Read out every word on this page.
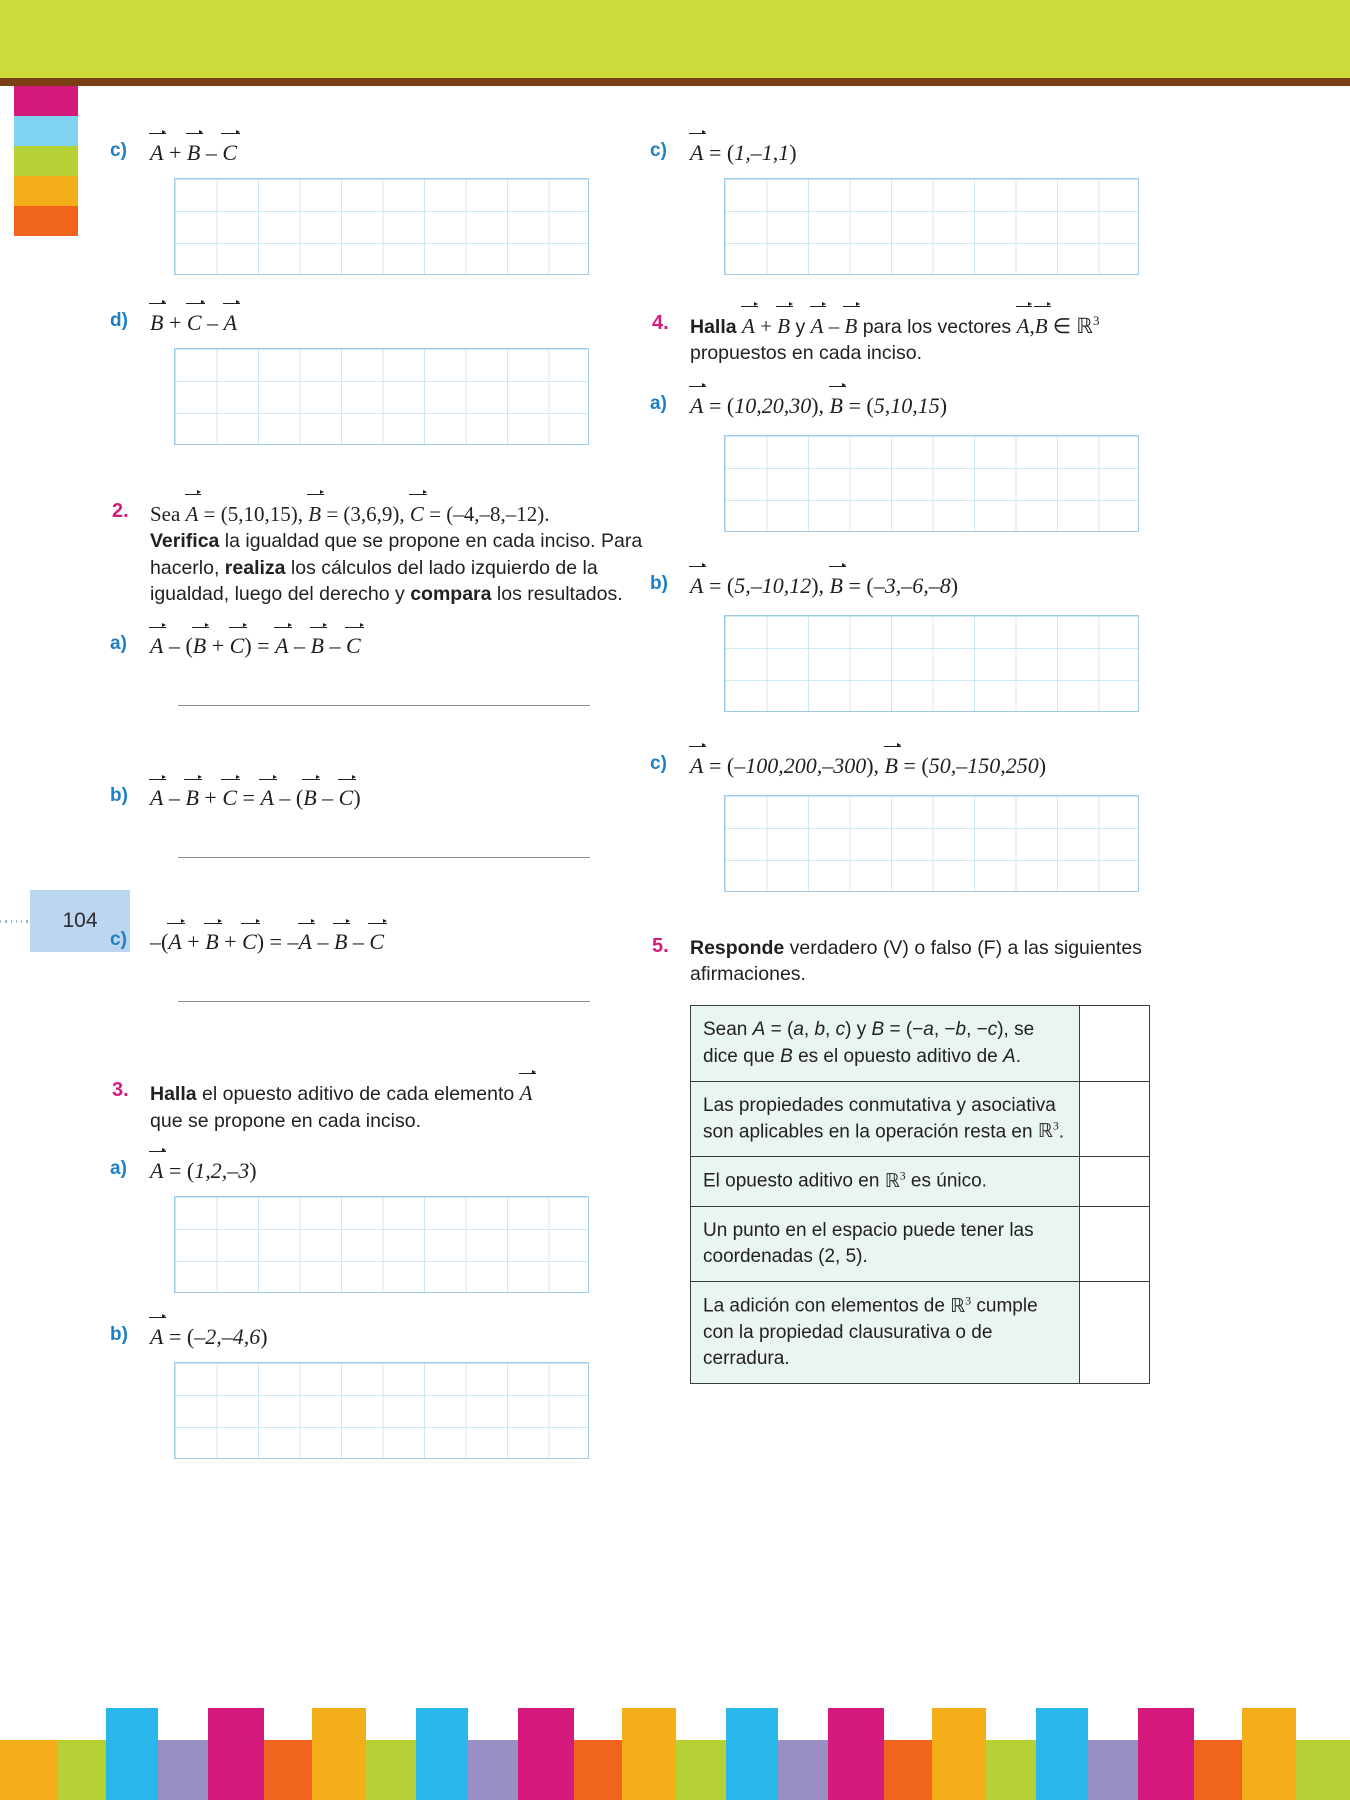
104
c) A + B – C
d) B + C – A
2. Sea A = (5,10,15), B = (3,6,9), C = (–4,–8,–12).
Verifica la igualdad que se propone en cada inciso. Para hacerlo, realiza los cálculos del lado izquierdo de la igualdad, luego del derecho y compara los resultados.
a) A – (B + C) = A – B – C
b) A – B + C = A – (B – C)
c) –(A + B + C) = –A – B – C
3. Halla el opuesto aditivo de cada elemento A
que se propone en cada inciso.
a) A = (1,2,–3)
b) A = (–2,–4,6)
c) A = (1,–1,1)
4. Halla A + B y A – B para los vectores A,B ∈ ℝ$^3$
propuestos en cada inciso.
a) A = (10,20,30), B = (5,10,15)
b) A = (5,–10,12), B = (–3,–6,–8)
c) A = (–100,200,–300), B = (50,–150,250)
5. Responde verdadero (V) o falso (F) a las siguientes afirmaciones.
Sean A = (a, b, c) y B = (−a, −b, −c), se dice que B es el opuesto aditivo de A.	
Las propiedades conmutativa y asociativa son aplicables en la operación resta en ℝ$^3$.	
El opuesto aditivo en ℝ$^3$ es único.	
Un punto en el espacio puede tener las coordenadas (2, 5).	
La adición con elementos de ℝ$^3$ cumple con la propiedad clausurativa o de cerradura.	
